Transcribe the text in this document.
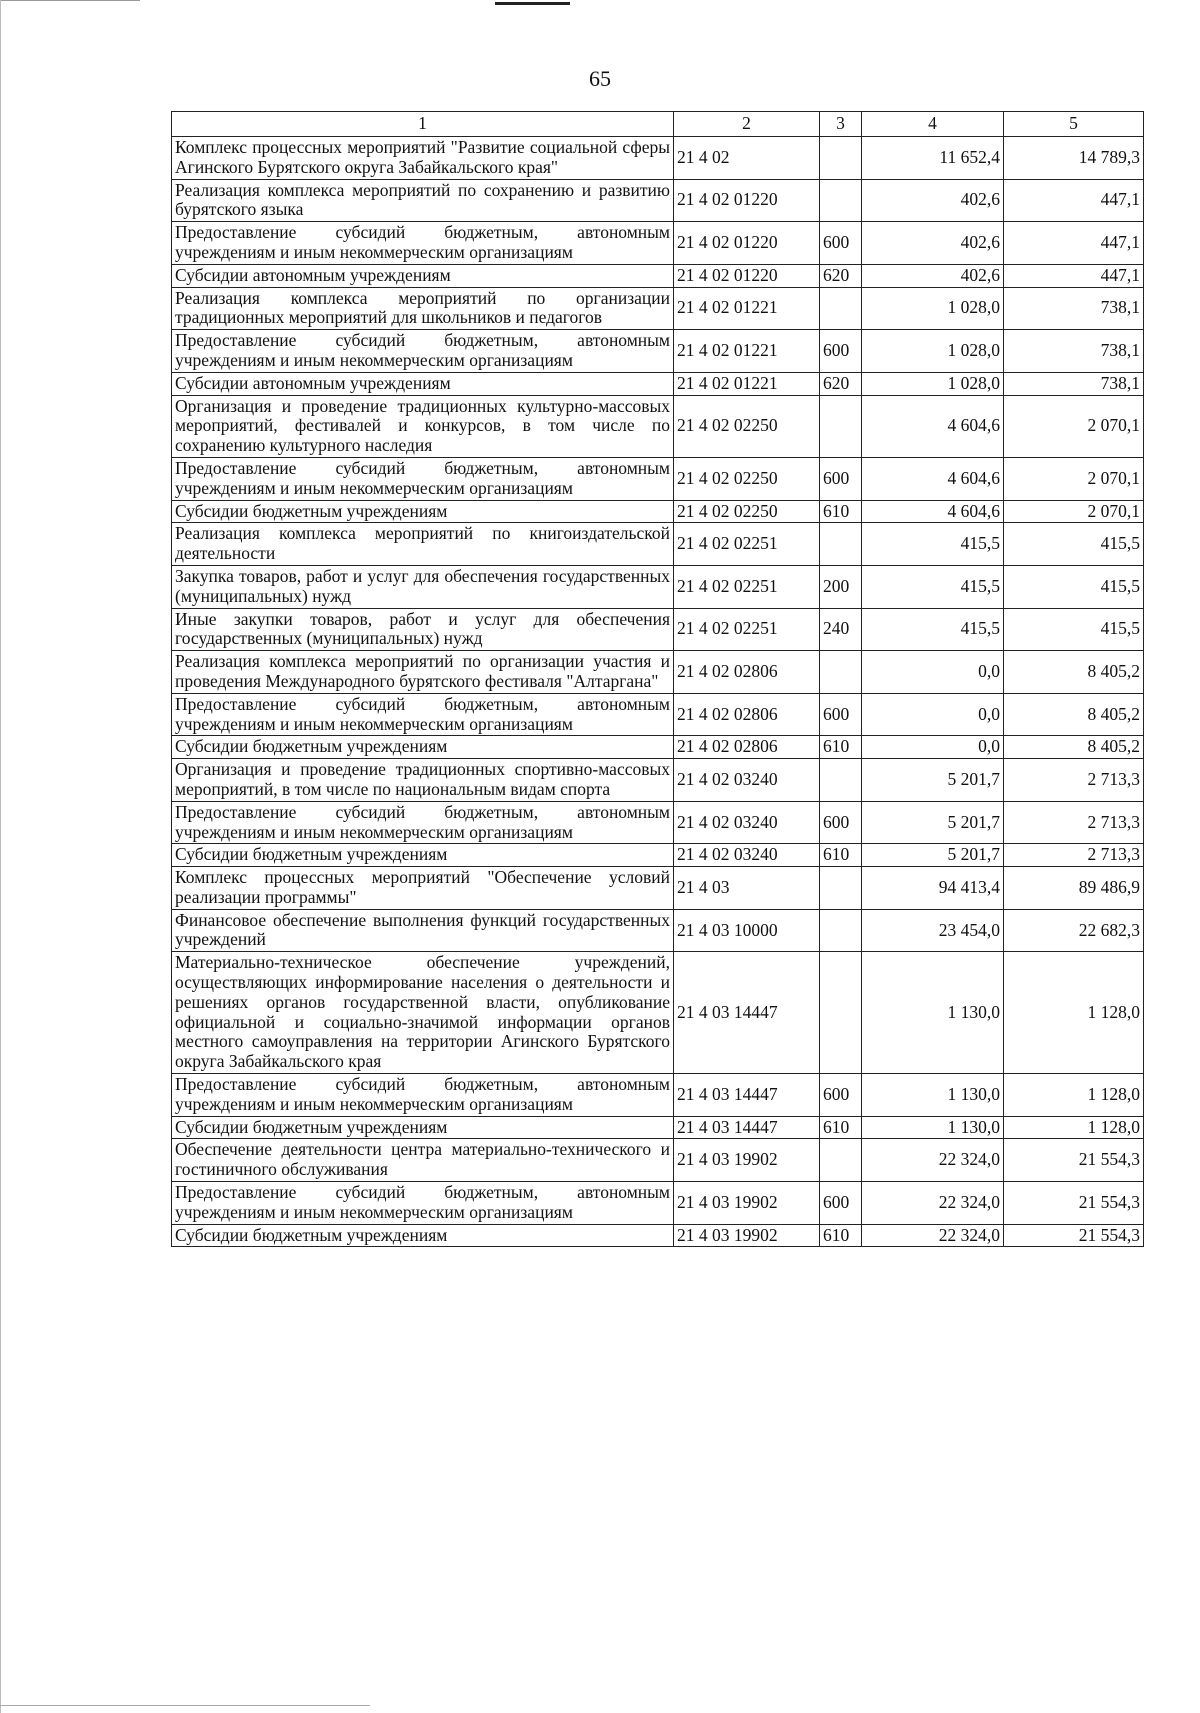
65
1	2	3	4	5
Комплекс процессных мероприятий "Развитие социальной сферы Агинского Бурятского округа Забайкальского края"	21 4 02		11 652,4	14 789,3
Реализация комплекса мероприятий по сохранению и развитию бурятского языка	21 4 02 01220		402,6	447,1
Предоставление субсидий бюджетным, автономным учреждениям и иным некоммерческим организациям	21 4 02 01220	600	402,6	447,1
Субсидии автономным учреждениям	21 4 02 01220	620	402,6	447,1
Реализация комплекса мероприятий по организации традиционных мероприятий для школьников и педагогов	21 4 02 01221		1 028,0	738,1
Предоставление субсидий бюджетным, автономным учреждениям и иным некоммерческим организациям	21 4 02 01221	600	1 028,0	738,1
Субсидии автономным учреждениям	21 4 02 01221	620	1 028,0	738,1
Организация и проведение традиционных культурно-массовых мероприятий, фестивалей и конкурсов, в том числе по сохранению культурного наследия	21 4 02 02250		4 604,6	2 070,1
Предоставление субсидий бюджетным, автономным учреждениям и иным некоммерческим организациям	21 4 02 02250	600	4 604,6	2 070,1
Субсидии бюджетным учреждениям	21 4 02 02250	610	4 604,6	2 070,1
Реализация комплекса мероприятий по книгоиздательской деятельности	21 4 02 02251		415,5	415,5
Закупка товаров, работ и услуг для обеспечения государственных (муниципальных) нужд	21 4 02 02251	200	415,5	415,5
Иные закупки товаров, работ и услуг для обеспечения государственных (муниципальных) нужд	21 4 02 02251	240	415,5	415,5
Реализация комплекса мероприятий по организации участия и проведения Международного бурятского фестиваля "Алтаргана"	21 4 02 02806		0,0	8 405,2
Предоставление субсидий бюджетным, автономным учреждениям и иным некоммерческим организациям	21 4 02 02806	600	0,0	8 405,2
Субсидии бюджетным учреждениям	21 4 02 02806	610	0,0	8 405,2
Организация и проведение традиционных спортивно-массовых мероприятий, в том числе по национальным видам спорта	21 4 02 03240		5 201,7	2 713,3
Предоставление субсидий бюджетным, автономным учреждениям и иным некоммерческим организациям	21 4 02 03240	600	5 201,7	2 713,3
Субсидии бюджетным учреждениям	21 4 02 03240	610	5 201,7	2 713,3
Комплекс процессных мероприятий "Обеспечение условий реализации программы"	21 4 03		94 413,4	89 486,9
Финансовое обеспечение выполнения функций государственных учреждений	21 4 03 10000		23 454,0	22 682,3
Материально-техническое обеспечение учреждений, осуществляющих информирование населения о деятельности и решениях органов государственной власти, опубликование официальной и социально-значимой информации органов местного самоуправления на территории Агинского Бурятского округа Забайкальского края	21 4 03 14447		1 130,0	1 128,0
Предоставление субсидий бюджетным, автономным учреждениям и иным некоммерческим организациям	21 4 03 14447	600	1 130,0	1 128,0
Субсидии бюджетным учреждениям	21 4 03 14447	610	1 130,0	1 128,0
Обеспечение деятельности центра материально-технического и гостиничного обслуживания	21 4 03 19902		22 324,0	21 554,3
Предоставление субсидий бюджетным, автономным учреждениям и иным некоммерческим организациям	21 4 03 19902	600	22 324,0	21 554,3
Субсидии бюджетным учреждениям	21 4 03 19902	610	22 324,0	21 554,3
